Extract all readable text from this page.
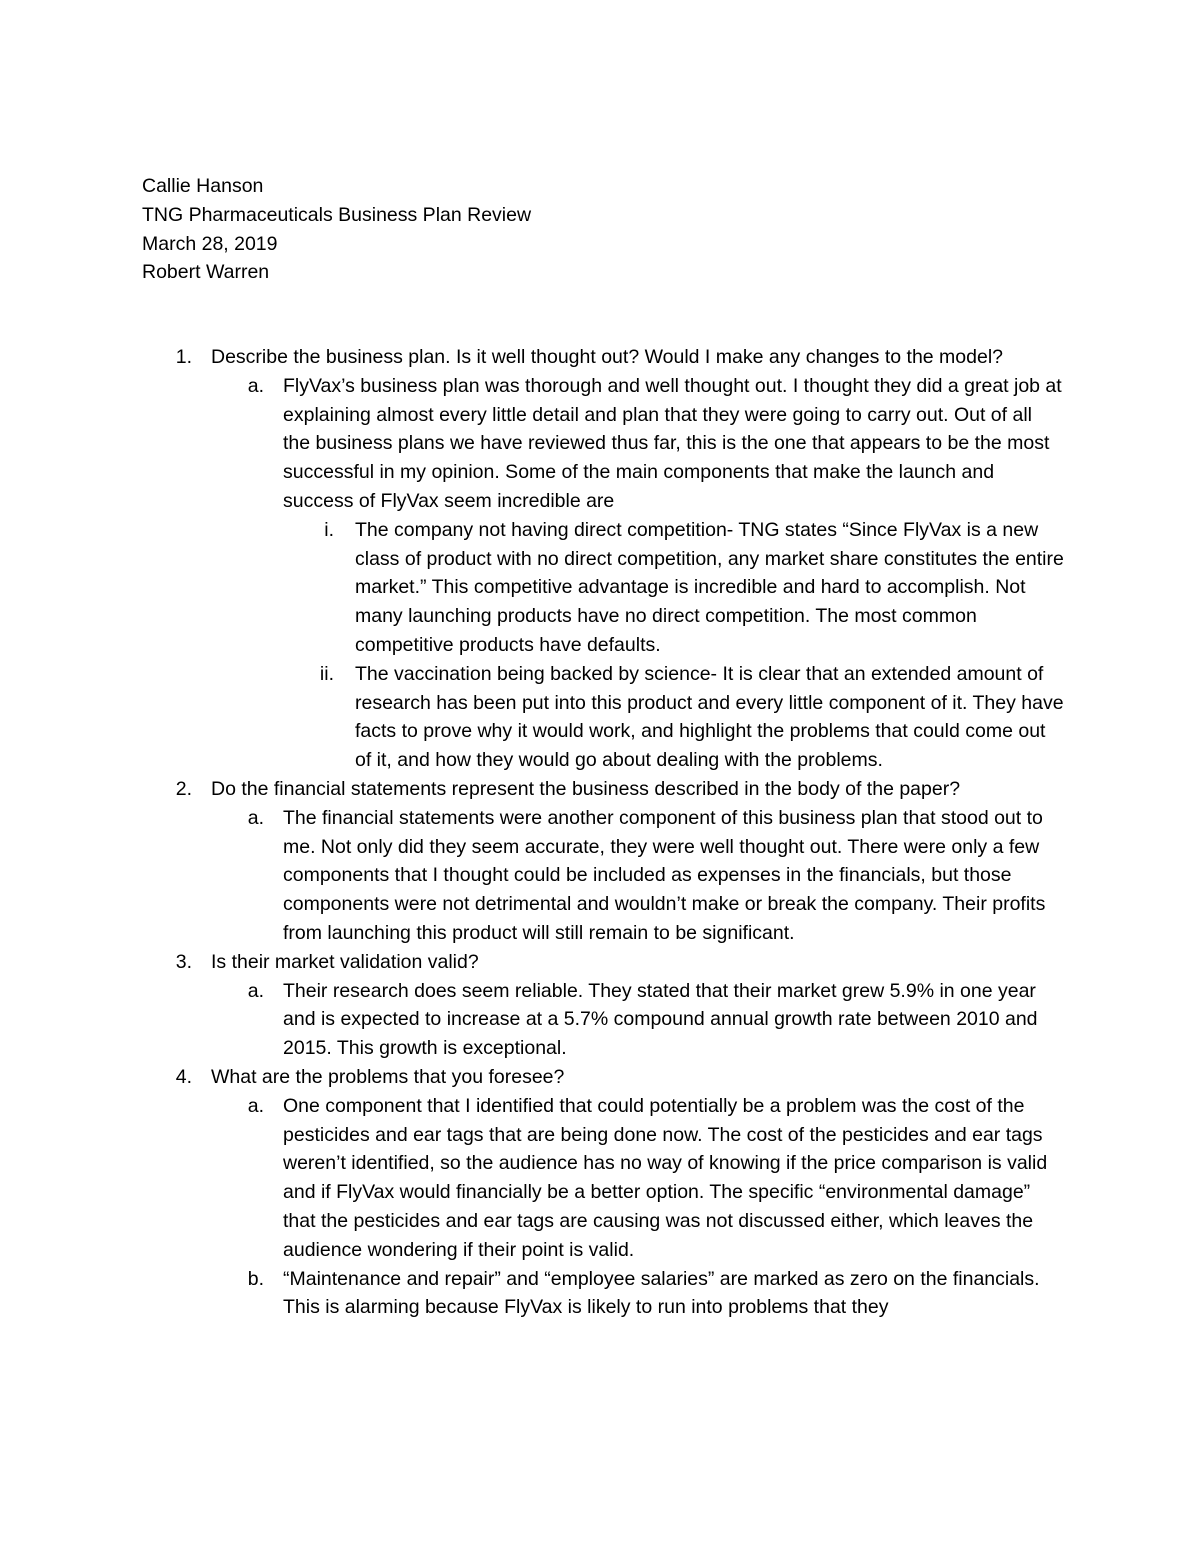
Callie Hanson
TNG Pharmaceuticals Business Plan Review
March 28, 2019
Robert Warren
1. Describe the business plan. Is it well thought out? Would I make any changes to the model?
a. FlyVax’s business plan was thorough and well thought out. I thought they did a great job at explaining almost every little detail and plan that they were going to carry out. Out of all the business plans we have reviewed thus far, this is the one that appears to be the most successful in my opinion. Some of the main components that make the launch and success of FlyVax seem incredible are
i. The company not having direct competition- TNG states “Since FlyVax is a new class of product with no direct competition, any market share constitutes the entire market.” This competitive advantage is incredible and hard to accomplish. Not many launching products have no direct competition. The most common competitive products have defaults.
ii. The vaccination being backed by science- It is clear that an extended amount of research has been put into this product and every little component of it. They have facts to prove why it would work, and highlight the problems that could come out of it, and how they would go about dealing with the problems.
2. Do the financial statements represent the business described in the body of the paper?
a. The financial statements were another component of this business plan that stood out to me. Not only did they seem accurate, they were well thought out. There were only a few components that I thought could be included as expenses in the financials, but those components were not detrimental and wouldn’t make or break the company. Their profits from launching this product will still remain to be significant.
3. Is their market validation valid?
a. Their research does seem reliable. They stated that their market grew 5.9% in one year and is expected to increase at a 5.7% compound annual growth rate between 2010 and 2015. This growth is exceptional.
4. What are the problems that you foresee?
a. One component that I identified that could potentially be a problem was the cost of the pesticides and ear tags that are being done now. The cost of the pesticides and ear tags weren’t identified, so the audience has no way of knowing if the price comparison is valid and if FlyVax would financially be a better option. The specific “environmental damage” that the pesticides and ear tags are causing was not discussed either, which leaves the audience wondering if their point is valid.
b. “Maintenance and repair” and “employee salaries” are marked as zero on the financials. This is alarming because FlyVax is likely to run into problems that they
